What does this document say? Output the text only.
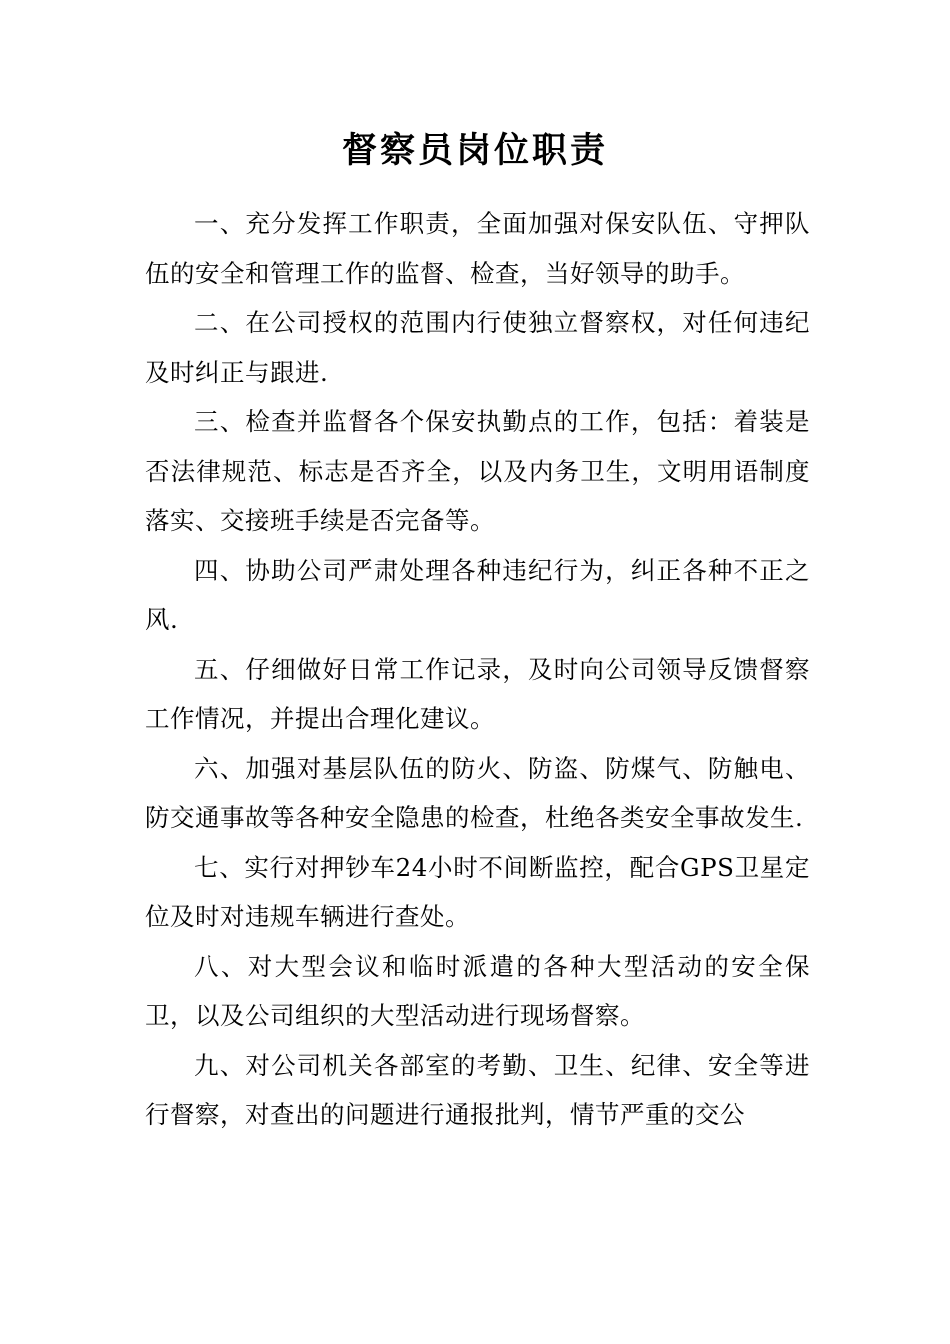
督察员岗位职责

一、充分发挥工作职责，全面加强对保安队伍、守押队伍的安全和管理工作的监督、检查，当好领导的助手。

二、在公司授权的范围内行使独立督察权，对任何违纪及时纠正与跟进.

三、检查并监督各个保安执勤点的工作，包括：着装是否法律规范、标志是否齐全，以及内务卫生，文明用语制度落实、交接班手续是否完备等。

四、协助公司严肃处理各种违纪行为，纠正各种不正之风.

五、仔细做好日常工作记录，及时向公司领导反馈督察工作情况，并提出合理化建议。

六、加强对基层队伍的防火、防盗、防煤气、防触电、防交通事故等各种安全隐患的检查，杜绝各类安全事故发生.

七、实行对押钞车24小时不间断监控，配合GPS卫星定位及时对违规车辆进行查处。

八、对大型会议和临时派遣的各种大型活动的安全保卫，以及公司组织的大型活动进行现场督察。

九、对公司机关各部室的考勤、卫生、纪律、安全等进行督察，对查出的问题进行通报批判，情节严重的交公
